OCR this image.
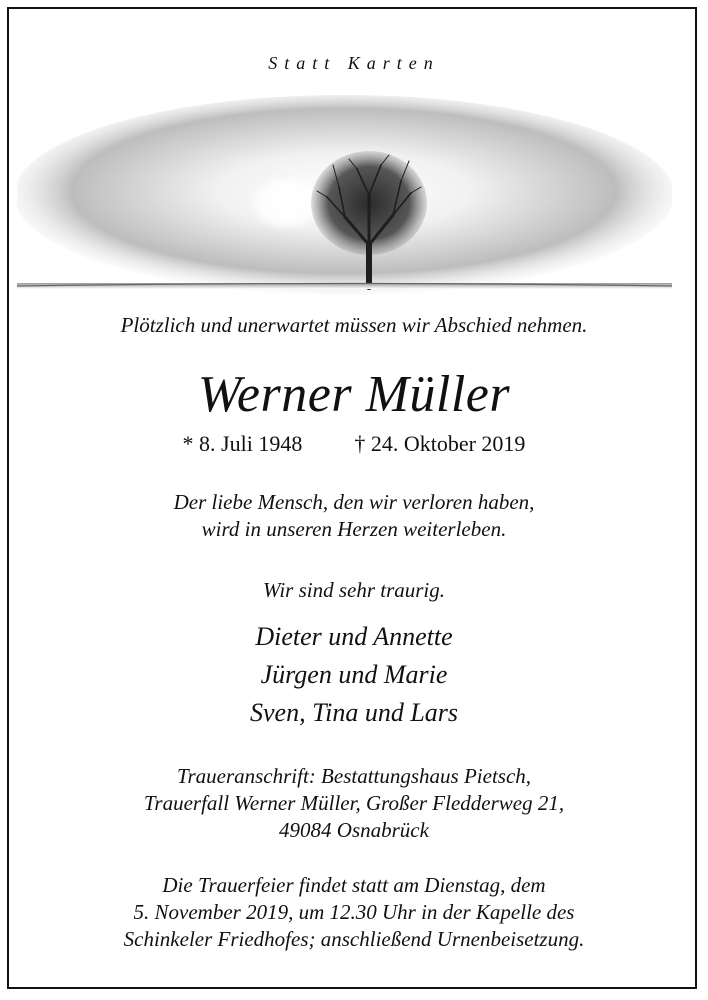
Statt Karten

Plötzlich und unerwartet müssen wir Abschied nehmen.

Werner Müller

* 8. Juli 1948 † 24. Oktober 2019

Der liebe Mensch, den wir verloren haben,
wird in unseren Herzen weiterleben.

Wir sind sehr traurig.

Dieter und Annette
Jürgen und Marie
Sven, Tina und Lars

Traueranschrift: Bestattungshaus Pietsch,
Trauerfall Werner Müller, Großer Fledderweg 21,
49084 Osnabrück

Die Trauerfeier findet statt am Dienstag, dem
5. November 2019, um 12.30 Uhr in der Kapelle des
Schinkeler Friedhofes; anschließend Urnenbeisetzung.
